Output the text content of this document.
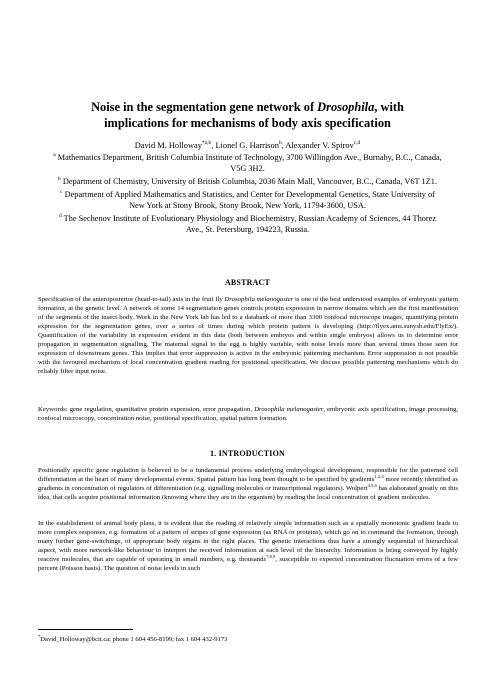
Noise in the segmentation gene network of Drosophila, with
implications for mechanisms of body axis specification
David M. Holloway$^{*a,b}$, Lionel G. Harrison$^b$, Alexander V. Spirov$^{c,d}$

$^a$ Mathematics Department, British Columbia Institute of Technology, 3700 Willingdon Ave., Burnaby, B.C., Canada, V5G 3H2.

$^b$ Department of Chemistry, University of British Columbia, 2036 Main Mall, Vancouver, B.C., Canada, V6T 1Z1.

$^c$ Department of Applied Mathematics and Statistics, and Center for Developmental Genetics, State University of New York at Stony Brook, Stony Brook, New York, 11794-3600, USA.

$^d$ The Sechenov Institute of Evolutionary Physiology and Biochemistry, Russian Academy of Sciences, 44 Thorez Ave., St. Petersburg, 194223, Russia.

ABSTRACT

Specification of the anteroposterior (head-to-tail) axis in the fruit fly Drosophila melanogaster is one of the best understood examples of embryonic pattern formation, at the genetic level. A network of some 14 segmentation genes controls protein expression in narrow domains which are the first manifestation of the segments of the insect body. Work in the New York lab has led to a databank of more than 3300 confocal microscope images, quantifying protein expression for the segmentation genes, over a series of times during which protein pattern is developing (http://flyex.ams.sunysb.edu/FlyEx/). Quantification of the variability in expression evident in this data (both between embryos and within single embryos) allows us to determine error propagation in segmentation signalling. The maternal signal to the egg is highly variable, with noise levels more than several times those seen for expression of downstream genes. This implies that error suppression is active in the embryonic patterning mechanism. Error suppression is not possible with the favoured mechanism of local concentration gradient reading for positional specification. We discuss possible patterning mechanisms which do reliably filter input noise.

Keywords: gene regulation, quantitative protein expression, error propagation, Drosophila melanogaster, embryonic axis specification, image processing, confocal microscopy, concentration noise, positional specification, spatial pattern formation.

1. INTRODUCTION

Positionally specific gene regulation is believed to be a fundamental process underlying embryological development, responsible for the patterned cell differentiation at the heart of many developmental events. Spatial pattern has long been thought to be specified by gradients$^{1,2,3}$ more recently identified as gradients in concentration of regulators of differentiation (e.g. signalling molecules or transcriptional regulators). Wolpert$^{4,5,6}$ has elaborated greatly on this idea, that cells acquire positional information (knowing where they are in the organism) by reading the local concentration of gradient molecules.

In the establishment of animal body plans, it is evident that the reading of relatively simple information such as a spatially monotonic gradient leads to more complex responses, e.g. formation of a pattern of stripes of gene expression (as RNA or proteins), which go on to command the formation, through many further gene-switchings, of appropriate body organs in the right places. The genetic interactions thus have a strongly sequential of hierarchical aspect, with more network-like behaviour to interpret the received information at each level of the hierarchy. Information is being conveyed by highly reactive molecules, that are capable of operating in small numbers, e.g. thousands$^{7,8,9}$, susceptible to expected concentration fluctuation errors of a few percent (Poisson basis). The question of noise levels in such

*David_Holloway@bcit.ca; phone 1 604 456-8199; fax 1 604 432-9173
